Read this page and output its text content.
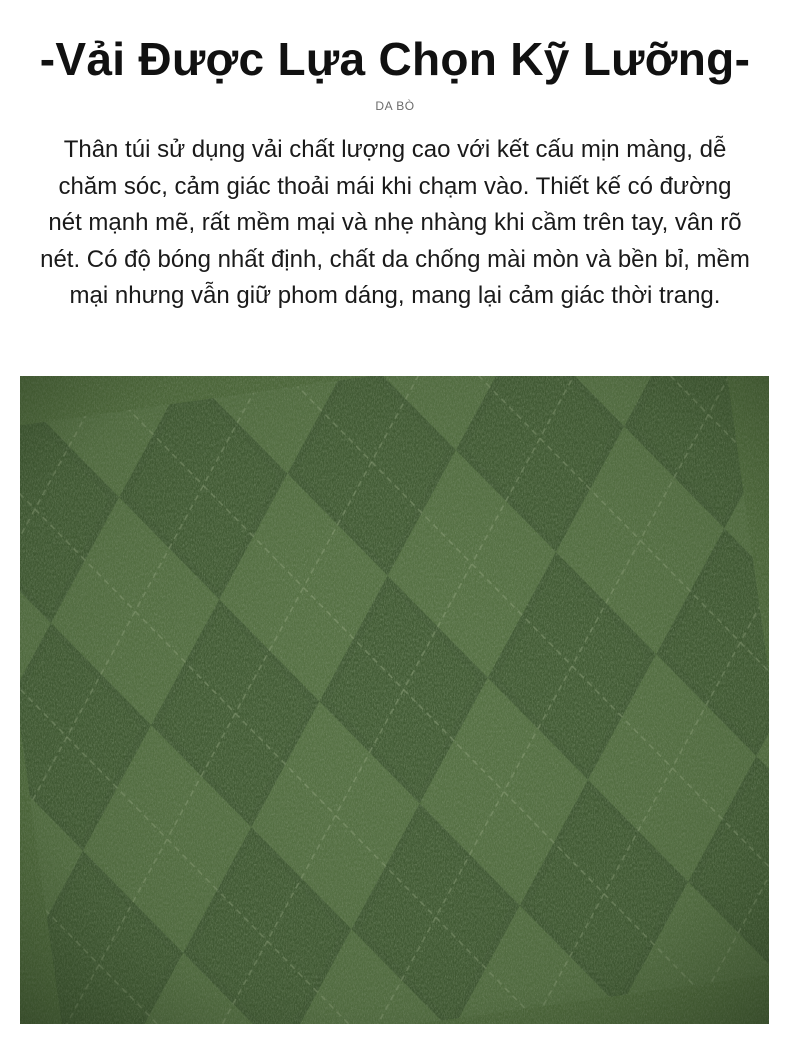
-Vải Được Lựa Chọn Kỹ Lưỡng-
DA BÒ

Thân túi sử dụng vải chất lượng cao với kết cấu mịn màng, dễ chăm sóc, cảm giác thoải mái khi chạm vào. Thiết kế có đường nét mạnh mẽ, rất mềm mại và nhẹ nhàng khi cầm trên tay, vân rõ nét. Có độ bóng nhất định, chất da chống mài mòn và bền bỉ, mềm mại nhưng vẫn giữ phom dáng, mang lại cảm giác thời trang.
